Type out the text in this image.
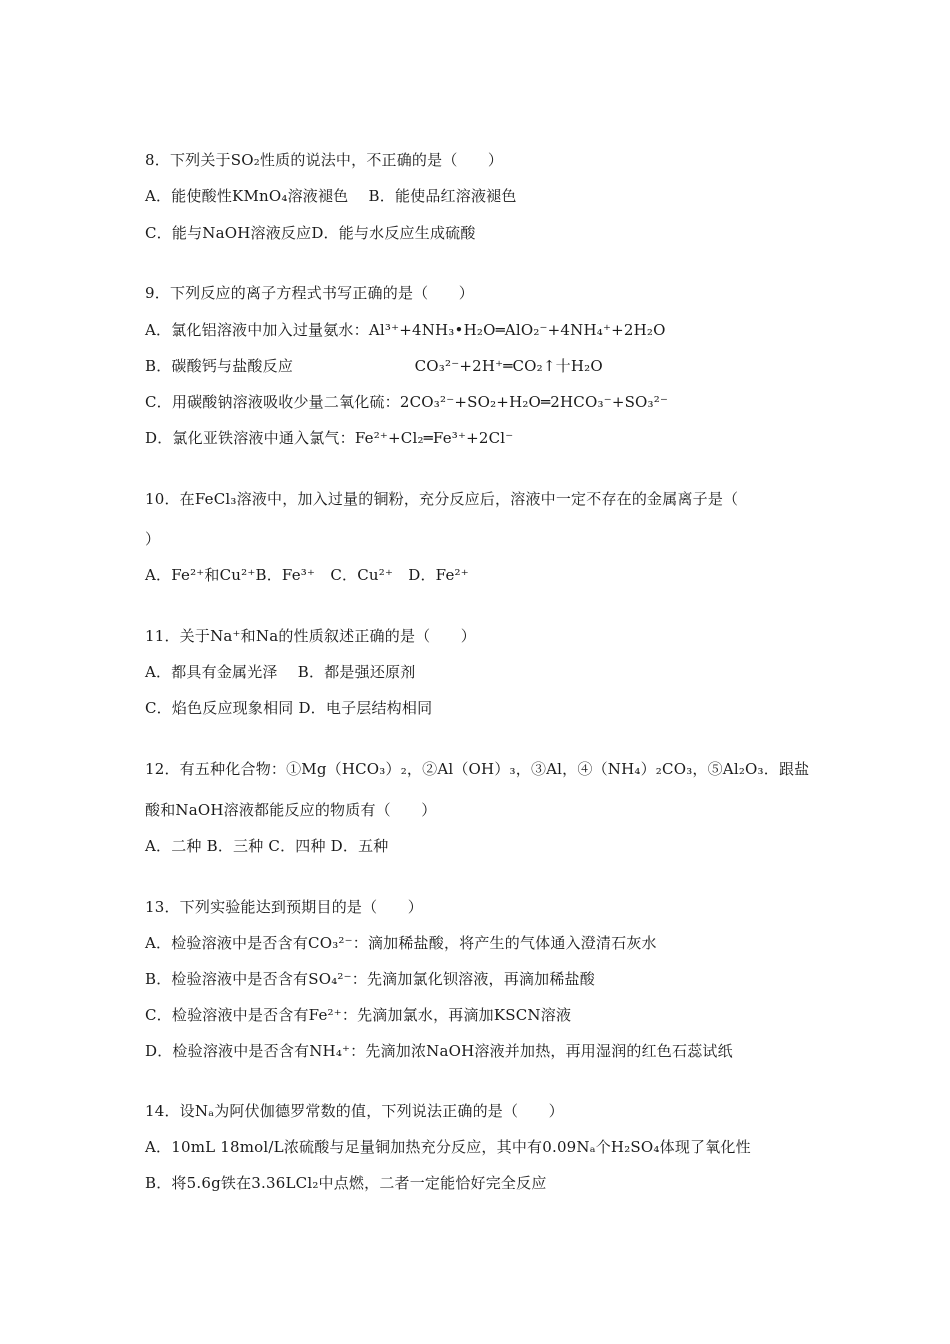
8．下列关于SO₂性质的说法中，不正确的是（　　）
A．能使酸性KMnO₄溶液褪色　 B．能使品红溶液褪色
C．能与NaOH溶液反应D．能与水反应生成硫酸
9．下列反应的离子方程式书写正确的是（　　）
A．氯化铝溶液中加入过量氨水：Al³⁺+4NH₃•H₂O═AlO₂⁻+4NH₄⁺+2H₂O
B．碳酸钙与盐酸反应　　　　　　　　CO₃²⁻+2H⁺═CO₂↑十H₂O
C．用碳酸钠溶液吸收少量二氧化硫：2CO₃²⁻+SO₂+H₂O═2HCO₃⁻+SO₃²⁻
D．氯化亚铁溶液中通入氯气：Fe²⁺+Cl₂═Fe³⁺+2Cl⁻
10．在FeCl₃溶液中，加入过量的铜粉，充分反应后，溶液中一定不存在的金属离子是（
）
A．Fe²⁺和Cu²⁺B．Fe³⁺　C．Cu²⁺　D．Fe²⁺
11．关于Na⁺和Na的性质叙述正确的是（　　）
A．都具有金属光泽　 B．都是强还原剂
C．焰色反应现象相同 D．电子层结构相同
12．有五种化合物：①Mg（HCO₃）₂，②Al（OH）₃，③Al，④（NH₄）₂CO₃，⑤Al₂O₃．跟盐
酸和NaOH溶液都能反应的物质有（　　）
A．二种 B．三种 C．四种 D．五种
13．下列实验能达到预期目的是（　　）
A．检验溶液中是否含有CO₃²⁻：滴加稀盐酸，将产生的气体通入澄清石灰水
B．检验溶液中是否含有SO₄²⁻：先滴加氯化钡溶液，再滴加稀盐酸
C．检验溶液中是否含有Fe²⁺：先滴加氯水，再滴加KSCN溶液
D．检验溶液中是否含有NH₄⁺：先滴加浓NaOH溶液并加热，再用湿润的红色石蕊试纸
14．设Nₐ为阿伏伽德罗常数的值，下列说法正确的是（　　）
A．10mL 18mol/L浓硫酸与足量铜加热充分反应，其中有0.09Nₐ个H₂SO₄体现了氧化性
B．将5.6g铁在3.36LCl₂中点燃，二者一定能恰好完全反应
